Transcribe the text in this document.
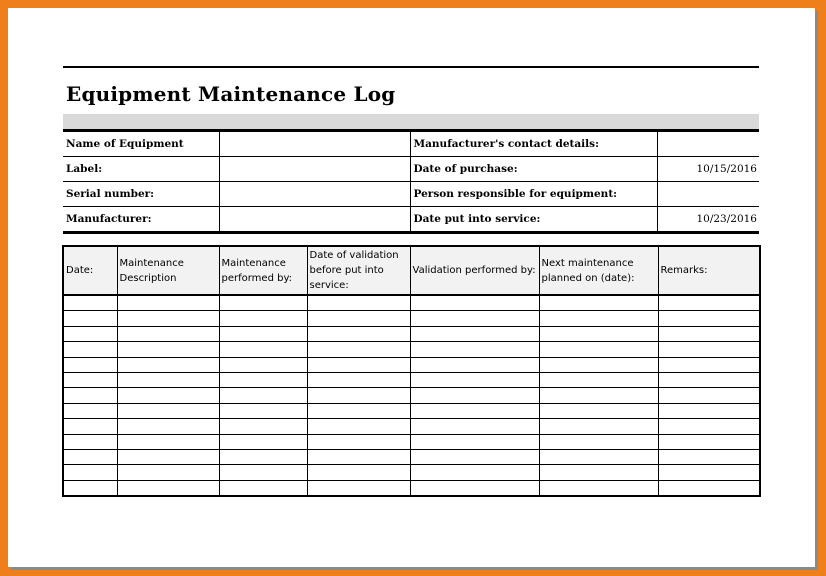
Equipment Maintenance Log
Name of Equipment		Manufacturer's contact details:	
Label:		Date of purchase:	10/15/2016
Serial number:		Person responsible for equipment:	
Manufacturer:		Date put into service:	10/23/2016
Date:	Maintenance Description	Maintenance performed by:	Date of validation before put into service:	Validation performed by:	Next maintenance planned on (date):	Remarks:
